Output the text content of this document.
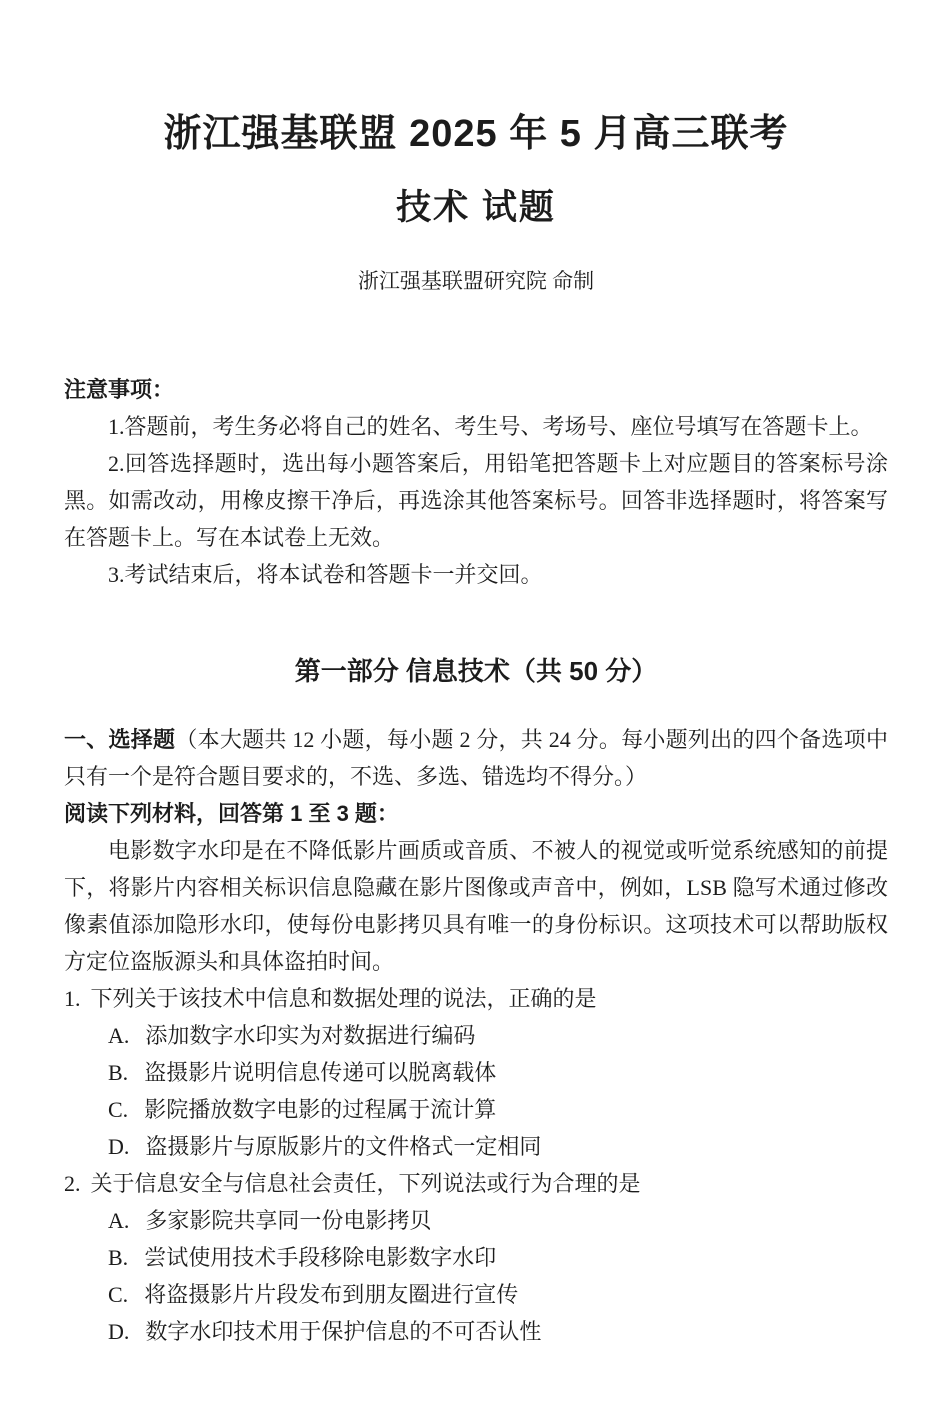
浙江强基联盟 2025 年 5 月高三联考
技术 试题

浙江强基联盟研究院 命制

注意事项：

1.答题前，考生务必将自己的姓名、考生号、考场号、座位号填写在答题卡上。

2.回答选择题时，选出每小题答案后，用铅笔把答题卡上对应题目的答案标号涂黑。如需改动，用橡皮擦干净后，再选涂其他答案标号。回答非选择题时，将答案写在答题卡上。写在本试卷上无效。

3.考试结束后，将本试卷和答题卡一并交回。

第一部分 信息技术（共 50 分）

一、选择题（本大题共 12 小题，每小题 2 分，共 24 分。每小题列出的四个备选项中只有一个是符合题目要求的，不选、多选、错选均不得分。）

阅读下列材料，回答第 1 至 3 题：

电影数字水印是在不降低影片画质或音质、不被人的视觉或听觉系统感知的前提下，将影片内容相关标识信息隐藏在影片图像或声音中，例如，LSB 隐写术通过修改像素值添加隐形水印，使每份电影拷贝具有唯一的身份标识。这项技术可以帮助版权方定位盗版源头和具体盗拍时间。

1. 下列关于该技术中信息和数据处理的说法，正确的是

A. 添加数字水印实为对数据进行编码

B. 盗摄影片说明信息传递可以脱离载体

C. 影院播放数字电影的过程属于流计算

D. 盗摄影片与原版影片的文件格式一定相同

2. 关于信息安全与信息社会责任，下列说法或行为合理的是

A. 多家影院共享同一份电影拷贝

B. 尝试使用技术手段移除电影数字水印

C. 将盗摄影片片段发布到朋友圈进行宣传

D. 数字水印技术用于保护信息的不可否认性
